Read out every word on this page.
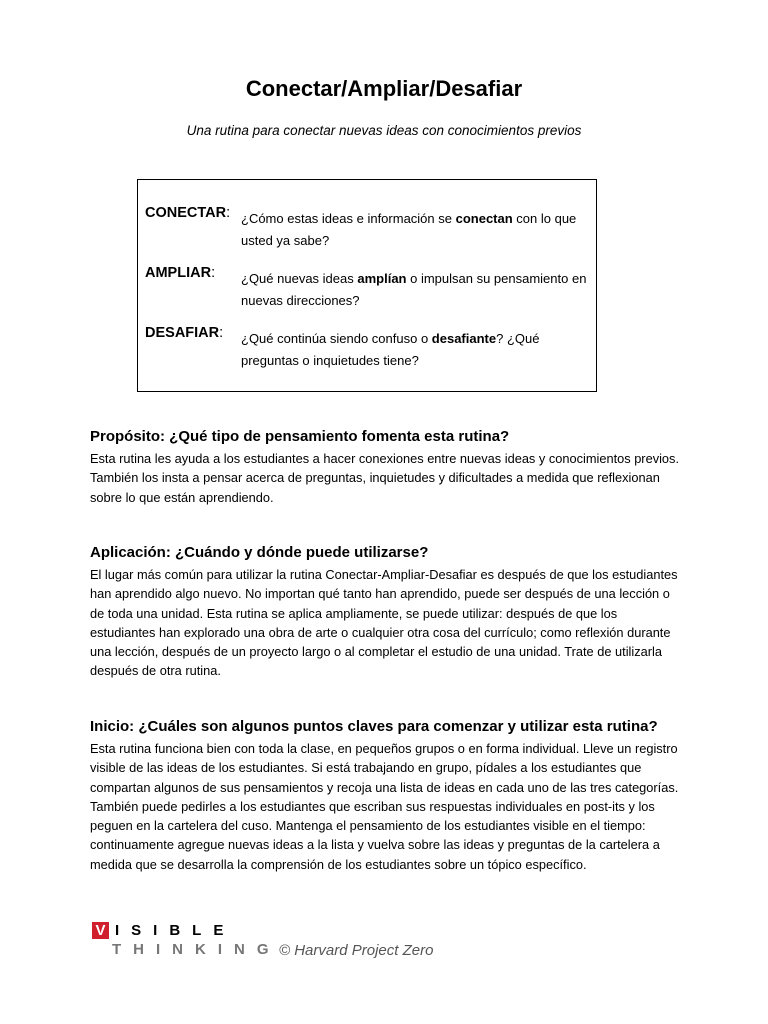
Conectar/Ampliar/Desafiar
Una rutina para conectar nuevas ideas con conocimientos previos
CONECTAR: ¿Cómo estas ideas e información se conectan con lo que usted ya sabe?
AMPLIAR: ¿Qué nuevas ideas amplían o impulsan su pensamiento en nuevas direcciones?
DESAFIAR: ¿Qué continúa siendo confuso o desafiante? ¿Qué preguntas o inquietudes tiene?
Propósito: ¿Qué tipo de pensamiento fomenta esta rutina?

Esta rutina les ayuda a los estudiantes a hacer conexiones entre nuevas ideas y conocimientos previos. También los insta a pensar acerca de preguntas, inquietudes y dificultades a medida que reflexionan sobre lo que están aprendiendo.

Aplicación: ¿Cuándo y dónde puede utilizarse?

El lugar más común para utilizar la rutina Conectar-Ampliar-Desafiar es después de que los estudiantes han aprendido algo nuevo. No importan qué tanto han aprendido, puede ser después de una lección o de toda una unidad. Esta rutina se aplica ampliamente, se puede utilizar: después de que los estudiantes han explorado una obra de arte o cualquier otra cosa del currículo; como reflexión durante una lección, después de un proyecto largo o al completar el estudio de una unidad. Trate de utilizarla después de otra rutina.

Inicio: ¿Cuáles son algunos puntos claves para comenzar y utilizar esta rutina?

Esta rutina funciona bien con toda la clase, en pequeños grupos o en forma individual. Lleve un registro visible de las ideas de los estudiantes. Si está trabajando en grupo, pídales a los estudiantes que compartan algunos de sus pensamientos y recoja una lista de ideas en cada uno de las tres categorías. También puede pedirles a los estudiantes que escriban sus respuestas individuales en post-its y los peguen en la cartelera del cuso. Mantenga el pensamiento de los estudiantes visible en el tiempo: continuamente agregue nuevas ideas a la lista y vuelva sobre las ideas y preguntas de la cartelera a medida que se desarrolla la comprensión de los estudiantes sobre un tópico específico.

V ISIBLE
THINKING
© Harvard Project Zero
